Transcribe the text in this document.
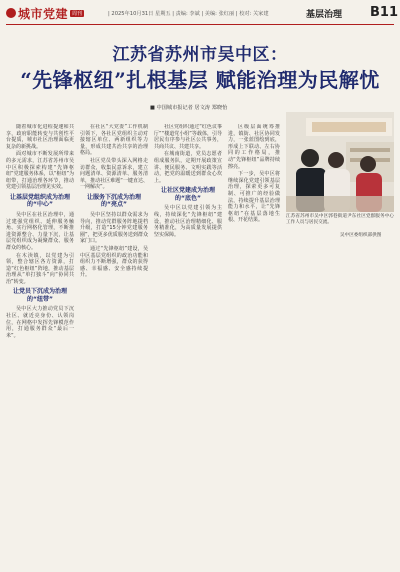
城市党建 周刊	| 2025年10月31日 星期五 | 责编: 李斌 | 美编: 张红丽 | 校对: 关家建	基层治理 B11
江苏省苏州市吴中区：
“先锋枢纽”扎根基层 赋能治理为民解忧
■ 中国城市报记者 居文涛 郑晓怡

随着城市化进程提速和共享，政府职能转变与共创性平台提质，城市社区治理面临更复杂的新挑战。

面对城市不断发展所带来的多元需求，江苏省苏州市吴中区积极探索构建“先锋枢纽”党建服务体系，以“枢纽”为纽带，打通治理各环节，推动党建引领基层治理见实效。

让基层党组织成为治理的“中心”

吴中区在社区治理中，通过建强党组织、延伸服务触角、实行网格化管理，不断推进资源整合、力量下沉，让基层党组织成为凝聚群众、服务群众的核心。

在木渎镇，以党建为引领，整合辖区各方资源，打造“红色枢纽”阵地，推动基层治理从“单打独斗”向“协同共治”转变。

让党员下沉成为治理的“纽带”

吴中区大力推动党员下沉社区、就近亮身份、认领岗位，在网格中发挥先锋模范作用，打通服务群众“最后一米”。

在社区“大党委”工作机制引领下，各社区党组织主动对接辖区单位、两新组织等力量，形成共建共治共享的治理格局。

社区党员带头深入网格走访群众，收集民意诉求，建立问题清单、资源清单、服务清单，推动社区难题“一键直达、一网解决”。

让服务下沉成为治理的“亮点”

吴中区坚持以群众需求为导向，推动党群服务阵地提档升级，打造“15分钟党建服务圈”，把更多优质服务送到群众家门口。

通过“先锋枢纽”建设，吴中区基层党组织的政治功能和组织力不断增强，群众的获得感、幸福感、安全感持续提升。

社区党组织通过“红色议事厅”“楼道党小组”等载体，引导居民有序参与社区公共事务，共商共议、共建共享。

在城南街道，党员志愿者组成服务队，定期开展政策宣讲、便民服务、文明实践等活动，把党的温暖送到群众心坎上。

让社区党建成为治理的“底色”

吴中区以党建引领为主线，持续深化“先锋枢纽”建设，推动社区治理精细化、服务精准化，为高质量发展提供坚实保障。

区级层面统筹推进，镇街、社区协同发力，一张蓝图绘到底，形成上下联动、左右协同的工作格局，推动“先锋枢纽”品牌持续擦亮。

下一步，吴中区将继续深化党建引领基层治理，探索更多可复制、可推广的经验做法，持续提升基层治理能力和水平，让“先锋枢纽”在基层落地生根、开花结果。

江苏省苏州市吴中区郭巷街道尹东社区党群服务中心工作人员与居民交流。
吴中区委组织部供图
